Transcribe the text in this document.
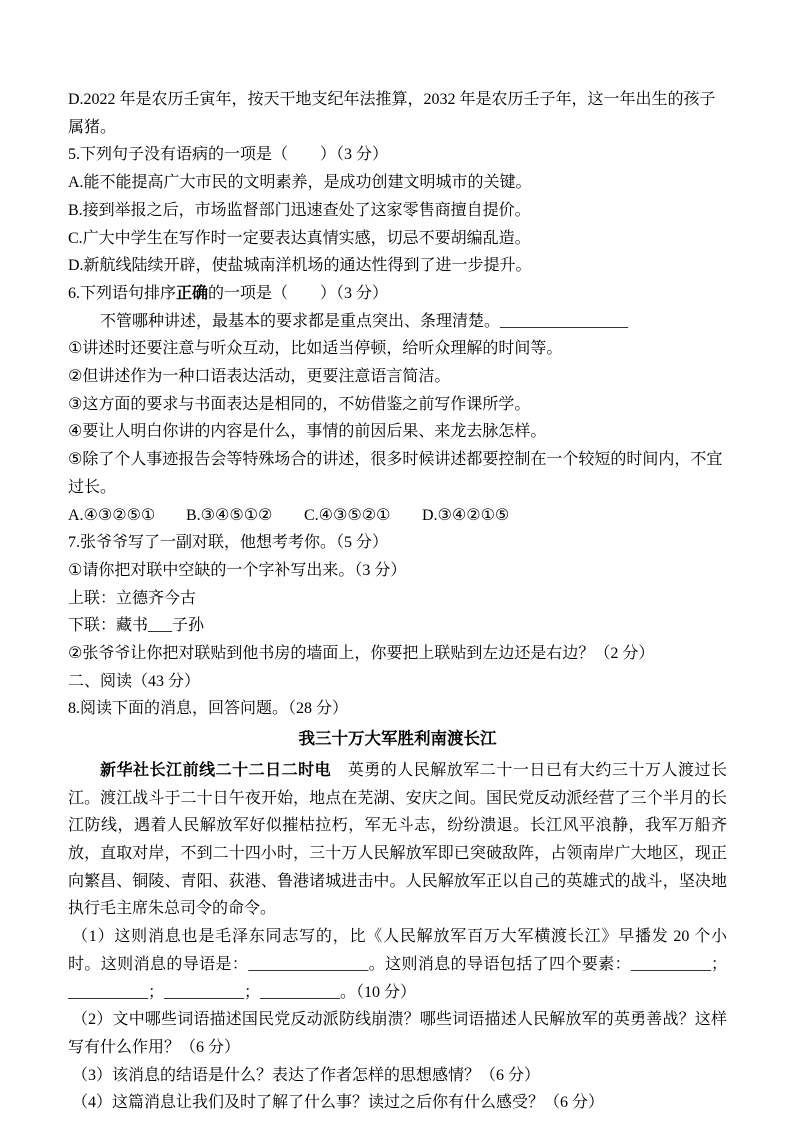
D.2022 年是农历壬寅年，按天干地支纪年法推算，2032 年是农历壬子年，这一年出生的孩子属猪。

5.下列句子没有语病的一项是（　　）（3 分）

A.能不能提高广大市民的文明素养，是成功创建文明城市的关键。

B.接到举报之后，市场监督部门迅速查处了这家零售商擅自提价。

C.广大中学生在写作时一定要表达真情实感，切忌不要胡编乱造。

D.新航线陆续开辟，使盐城南洋机场的通达性得到了进一步提升。

6.下列语句排序正确的一项是（　　）（3 分）

不管哪种讲述，最基本的要求都是重点突出、条理清楚。________________

①讲述时还要注意与听众互动，比如适当停顿，给听众理解的时间等。

②但讲述作为一种口语表达活动，更要注意语言简洁。

③这方面的要求与书面表达是相同的，不妨借鉴之前写作课所学。

④要让人明白你讲的内容是什么，事情的前因后果、来龙去脉怎样。

⑤除了个人事迹报告会等特殊场合的讲述，很多时候讲述都要控制在一个较短的时间内，不宜过长。

A.④③②⑤① B.③④⑤①② C.④③⑤②① D.③④②①⑤

7.张爷爷写了一副对联，他想考考你。（5 分）

①请你把对联中空缺的一个字补写出来。（3 分）

上联：立德齐今古

下联：藏书___子孙

②张爷爷让你把对联贴到他书房的墙面上，你要把上联贴到左边还是右边？（2 分）

二、阅读（43 分）

8.阅读下面的消息，回答问题。（28 分）

我三十万大军胜利南渡长江

新华社长江前线二十二日二时电　英勇的人民解放军二十一日已有大约三十万人渡过长江。渡江战斗于二十日午夜开始，地点在芜湖、安庆之间。国民党反动派经营了三个半月的长江防线，遇着人民解放军好似摧枯拉朽，军无斗志，纷纷溃退。长江风平浪静，我军万船齐放，直取对岸，不到二十四小时，三十万人民解放军即已突破敌阵，占领南岸广大地区，现正向繁昌、铜陵、青阳、荻港、鲁港诸城进击中。人民解放军正以自己的英雄式的战斗，坚决地执行毛主席朱总司令的命令。

（1）这则消息也是毛泽东同志写的，比《人民解放军百万大军横渡长江》早播发 20 个小时。这则消息的导语是：_______________。这则消息的导语包括了四个要素：__________；__________；__________；__________。（10 分）

（2）文中哪些词语描述国民党反动派防线崩溃？哪些词语描述人民解放军的英勇善战？这样写有什么作用？（6 分）

（3）该消息的结语是什么？表达了作者怎样的思想感情？（6 分）

（4）这篇消息让我们及时了解了什么事？读过之后你有什么感受？（6 分）
